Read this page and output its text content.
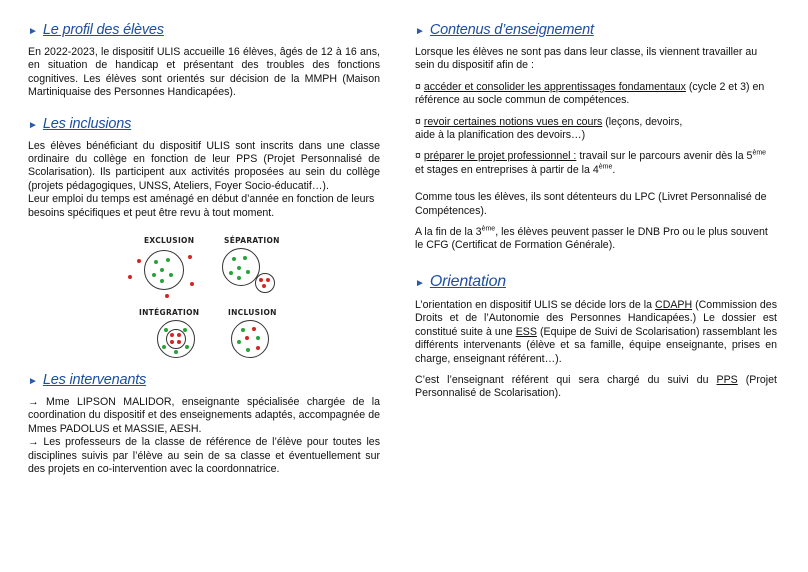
► Le profil des élèves

En 2022-2023, le dispositif ULIS accueille 16 élèves, âgés de 12 à 16 ans, en situation de handicap et présentant des troubles des fonctions cognitives. Les élèves sont orientés sur décision de la MMPH (Maison Martiniquaise des Personnes Handicapées).

► Les inclusions

Les élèves bénéficiant du dispositif ULIS sont inscrits dans une classe ordinaire du collège en fonction de leur PPS (Projet Personnalisé de Scolarisation). Ils participent aux activités proposées au sein du collège (projets pédagogiques, UNSS, Ateliers, Foyer Socio-éducatif…).

Leur emploi du temps est aménagé en début d’année en fonction de leurs besoins spécifiques et peut être revu à tout moment.

EXCLUSION	SÉPARATION
INTÉGRATION	INCLUSION
► Les intervenants

→ Mme LIPSON MALIDOR, enseignante spécialisée chargée de la coordination du dispositif et des enseignements adaptés, accompagnée de Mmes PADOLUS et MASSIE, AESH.

→ Les professeurs de la classe de référence de l’élève pour toutes les disciplines suivis par l’élève au sein de sa classe et éventuellement sur des projets en co-intervention avec la coordonnatrice.

► Contenus d’enseignement

Lorsque les élèves ne sont pas dans leur classe, ils viennent travailler au sein du dispositif afin de :

¤ accéder et consolider les apprentissages fondamentaux (cycle 2 et 3) en référence au socle commun de compétences.

¤ revoir certaines notions vues en cours (leçons, devoirs,
aide à la planification des devoirs…)

¤ préparer le projet professionnel : travail sur le parcours avenir dès la 5ème et stages en entreprises à partir de la 4ème.

Comme tous les élèves, ils sont détenteurs du LPC (Livret Personnalisé de Compétences).

A la fin de la 3ème, les élèves peuvent passer le DNB Pro ou le plus souvent le CFG (Certificat de Formation Générale).

► Orientation

L’orientation en dispositif ULIS se décide lors de la CDAPH (Commission des Droits et de l’Autonomie des Personnes Handicapées.) Le dossier est constitué suite à une ESS (Equipe de Suivi de Scolarisation) rassemblant les différents intervenants (élève et sa famille, équipe enseignante, prises en charge, enseignant référent…).

C’est l’enseignant référent qui sera chargé du suivi du PPS (Projet Personnalisé de Scolarisation).
